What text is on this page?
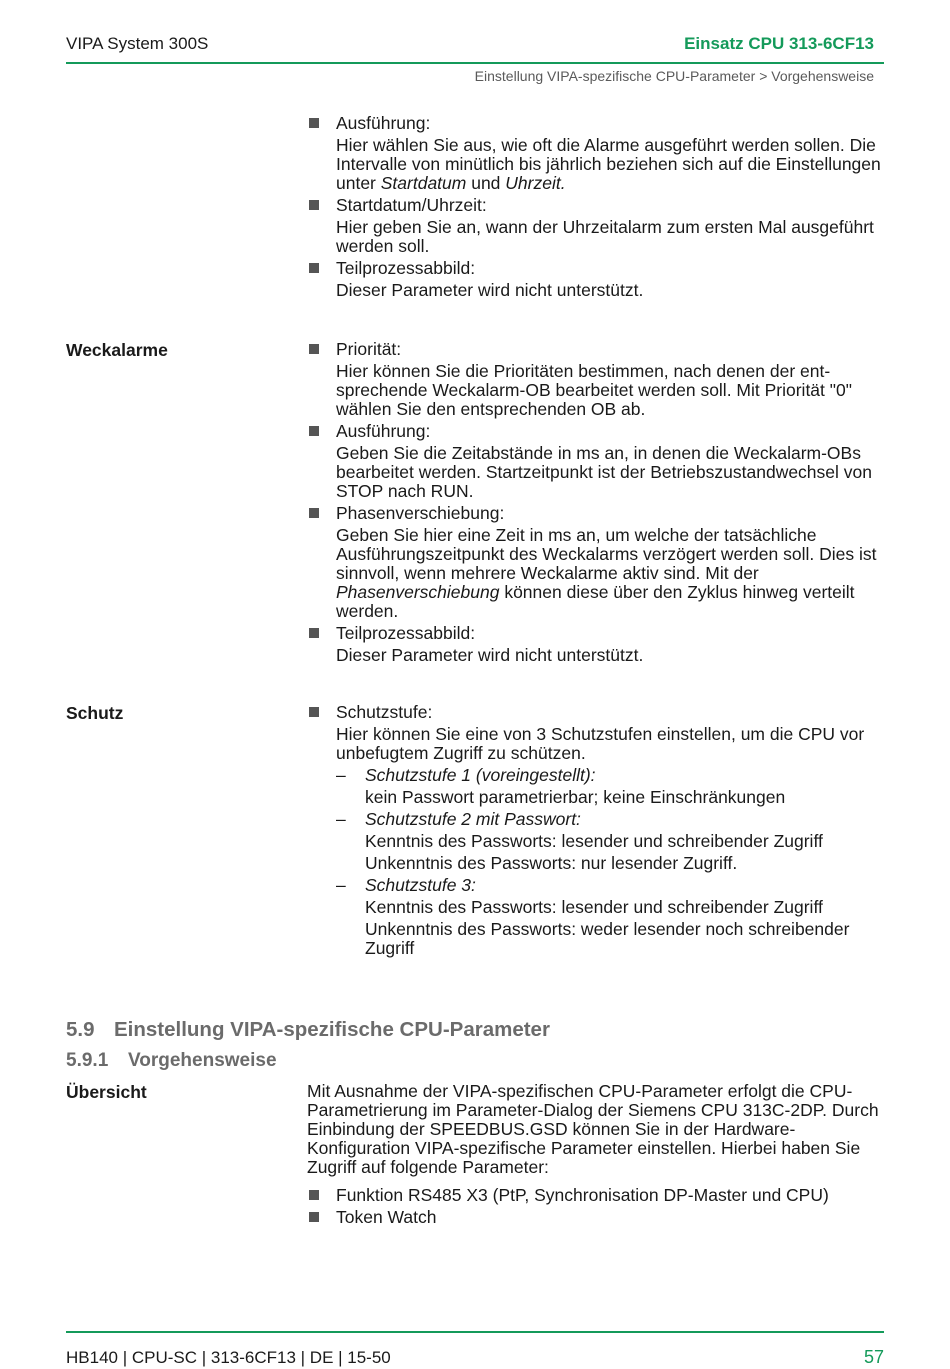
VIPA System 300S	Einsatz CPU 313-6CF13
Einstellung VIPA-spezifische CPU-Parameter > Vorgehensweise
Ausführung:
Hier wählen Sie aus, wie oft die Alarme ausgeführt werden sollen. Die Intervalle von minütlich bis jährlich beziehen sich auf die Einstellungen unter Startdatum und Uhrzeit.
Startdatum/Uhrzeit:
Hier geben Sie an, wann der Uhrzeitalarm zum ersten Mal ausgeführt werden soll.
Teilprozessabbild:
Dieser Parameter wird nicht unterstützt.
Weckalarme	Priorität:
Hier können Sie die Prioritäten bestimmen, nach denen der entsprechende Weckalarm-OB bearbeitet werden soll. Mit Priorität "0" wählen Sie den entsprechenden OB ab.
Ausführung:
Geben Sie die Zeitabstände in ms an, in denen die Weckalarm-OBs bearbeitet werden. Startzeitpunkt ist der Betriebszustandwechsel von STOP nach RUN.
Phasenverschiebung:
Geben Sie hier eine Zeit in ms an, um welche der tatsächliche Ausführungszeitpunkt des Weckalarms verzögert werden soll. Dies ist sinnvoll, wenn mehrere Weckalarme aktiv sind. Mit der Phasenverschiebung können diese über den Zyklus hinweg verteilt werden.
Teilprozessabbild:
Dieser Parameter wird nicht unterstützt.
Schutz	Schutzstufe:
Hier können Sie eine von 3 Schutzstufen einstellen, um die CPU vor unbefugtem Zugriff zu schützen.
– Schutzstufe 1 (voreingestellt):
kein Passwort parametrierbar; keine Einschränkungen
– Schutzstufe 2 mit Passwort:
Kenntnis des Passworts: lesender und schreibender Zugriff
Unkenntnis des Passworts: nur lesender Zugriff.
– Schutzstufe 3:
Kenntnis des Passworts: lesender und schreibender Zugriff
Unkenntnis des Passworts: weder lesender noch schreibender Zugriff
5.9 Einstellung VIPA-spezifische CPU-Parameter
5.9.1 Vorgehensweise
Übersicht	Mit Ausnahme der VIPA-spezifischen CPU-Parameter erfolgt die CPU-Parametrierung im Parameter-Dialog der Siemens CPU 313C-2DP. Durch Einbindung der SPEEDBUS.GSD können Sie in der Hardware-Konfiguration VIPA-spezifische Parameter einstellen. Hierbei haben Sie Zugriff auf folgende Parameter:
Funktion RS485 X3 (PtP, Synchronisation DP-Master und CPU)
Token Watch
HB140 | CPU-SC | 313-6CF13 | DE | 15-50	57
